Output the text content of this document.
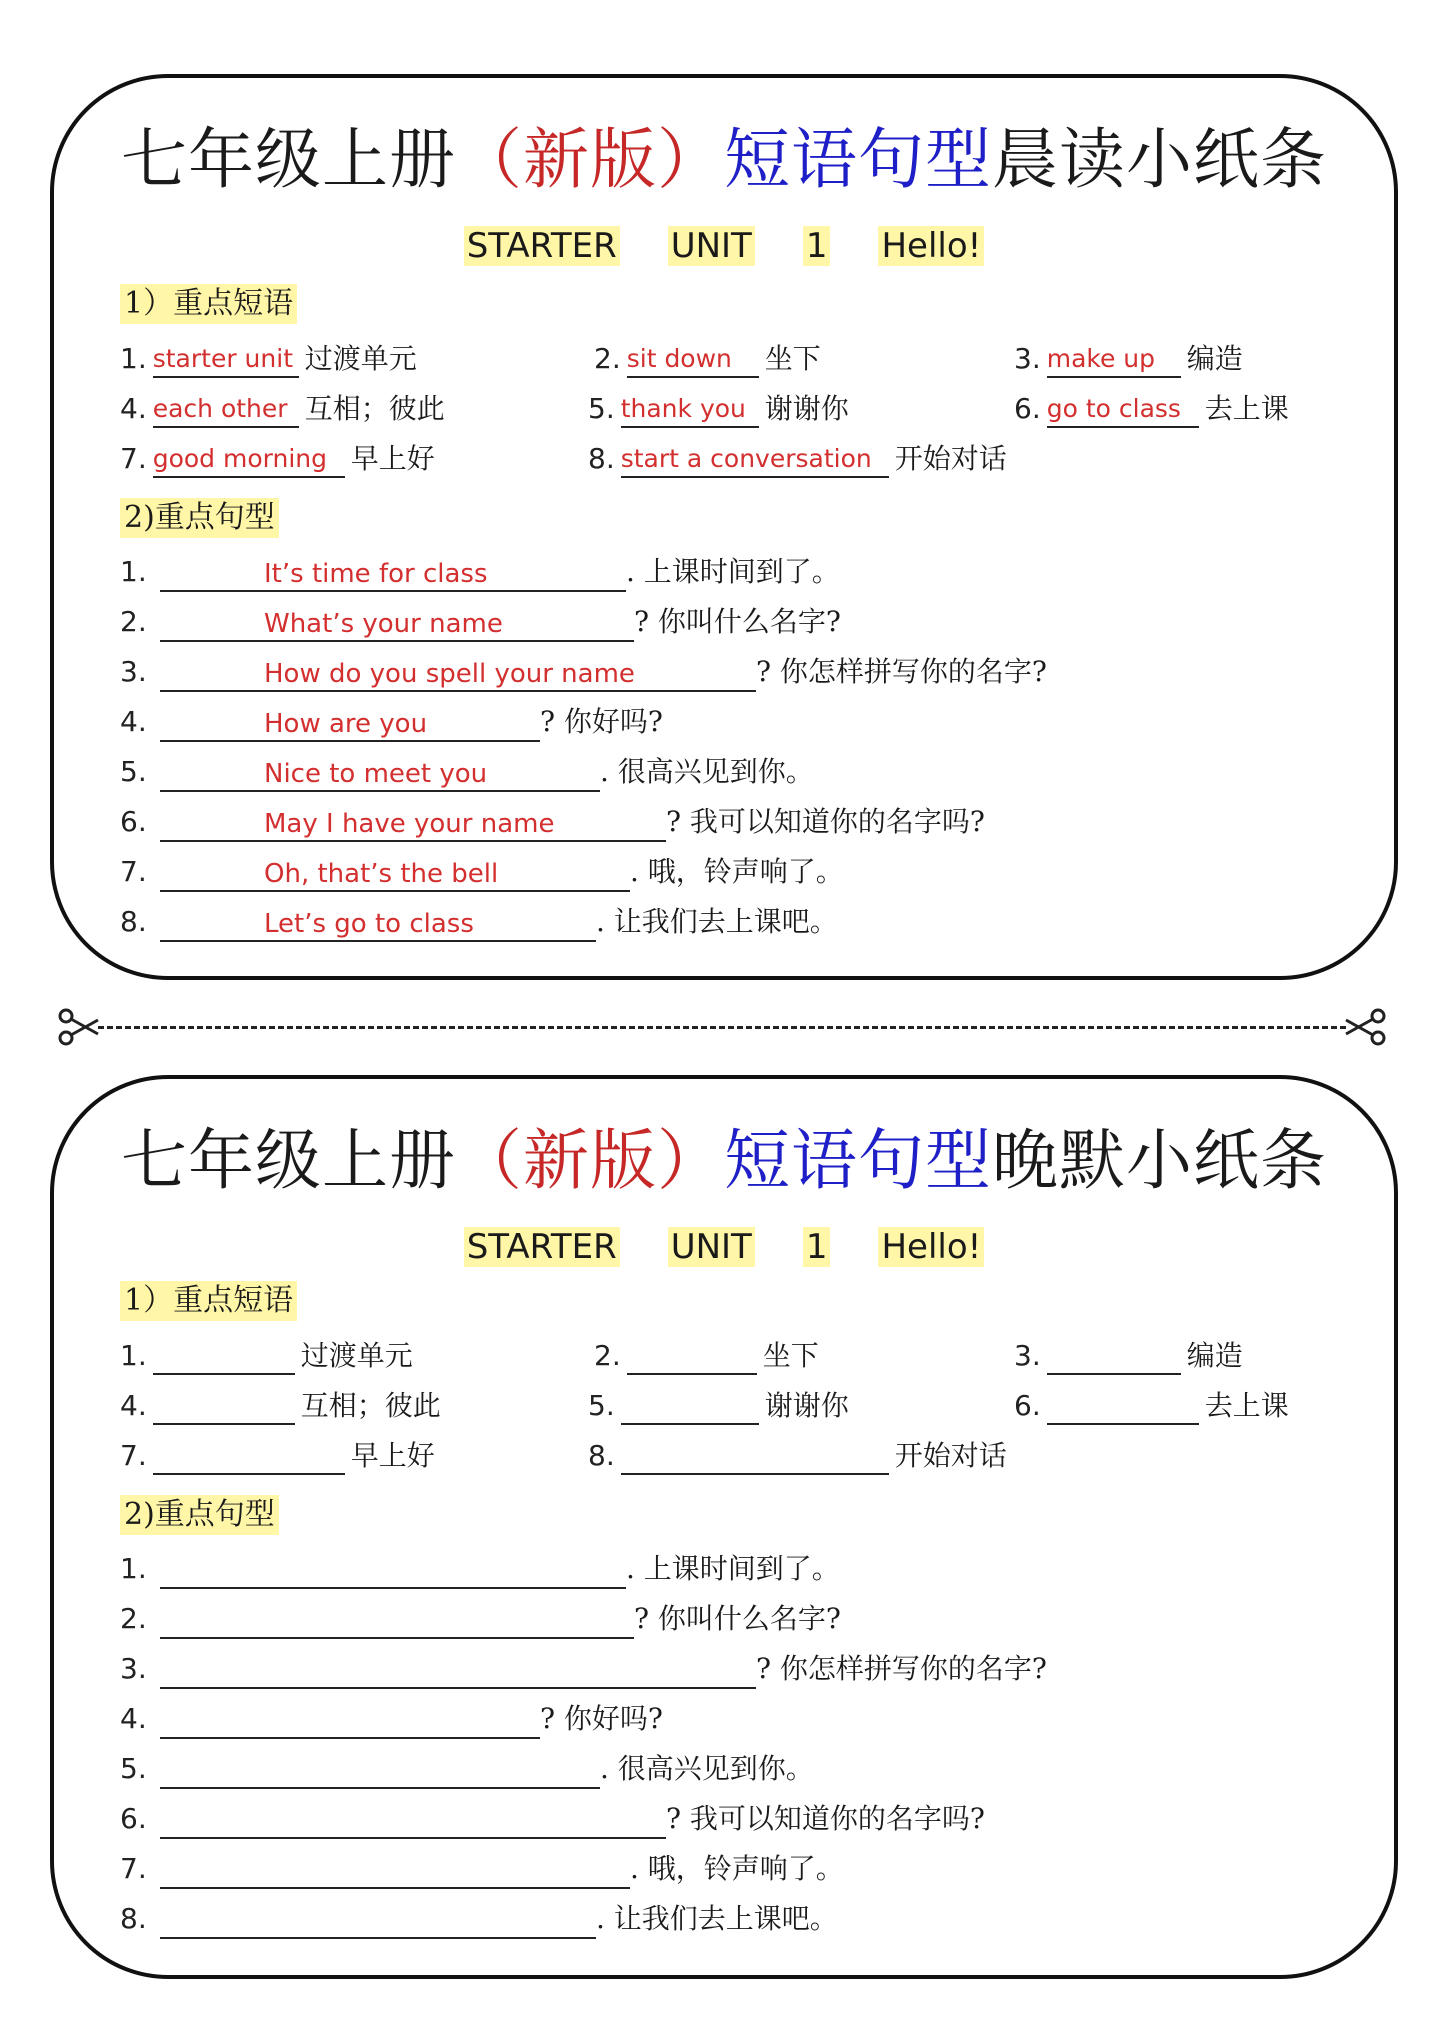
七年级上册（新版）短语句型晨读小纸条
STARTER UNIT 1 Hello!
1）重点短语
1. starter unit 过渡单元	2. sit down 坐下	3. make up 编造
4. each other 互相；彼此	5. thank you 谢谢你	6. go to class 去上课
7. good morning 早上好	8. start a conversation 开始对话
2)重点句型
1.	It’s time for class	. 上课时间到了。
2.	What’s your name	? 你叫什么名字?
3.	How do you spell your name	? 你怎样拼写你的名字?
4.	How are you	? 你好吗?
5.	Nice to meet you	. 很高兴见到你。
6.	May I have your name	? 我可以知道你的名字吗?
7.	Oh, that’s the bell	. 哦，铃声响了。
8.	Let’s go to class	. 让我们去上课吧。
七年级上册（新版）短语句型晚默小纸条
STARTER UNIT 1 Hello!
1）重点短语
1.	过渡单元	2.	坐下	3.	编造
4.	互相；彼此	5.	谢谢你	6.	去上课
7.	早上好	8.	开始对话
2)重点句型
1.	. 上课时间到了。
2.	? 你叫什么名字?
3.	? 你怎样拼写你的名字?
4.	? 你好吗?
5.	. 很高兴见到你。
6.	? 我可以知道你的名字吗?
7.	. 哦，铃声响了。
8.	. 让我们去上课吧。
